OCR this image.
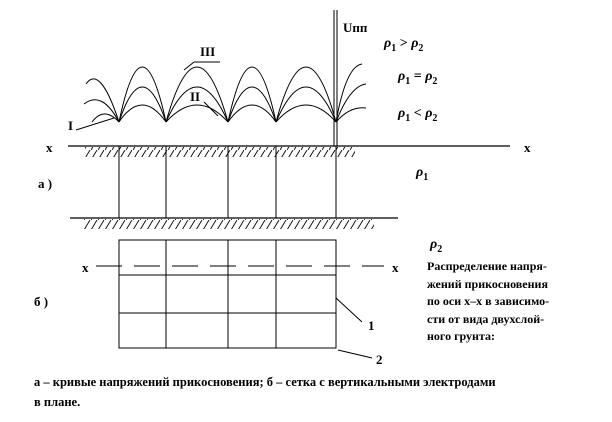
Uпп
I
II
III
x	x
а )
$\rho_1 > \rho_2$
$\rho_1 = \rho_2$
$\rho_1 < \rho_2$
$\rho_1$
$\rho_2$
x	x
1
2
б )

Распределение напря-
жений прикосновения
по оси x–x в зависимо-
сти от вида двухслой-
ного грунта:

а – кривые напряжений прикосновения; б – сетка с вертикальными электродами
в плане.
